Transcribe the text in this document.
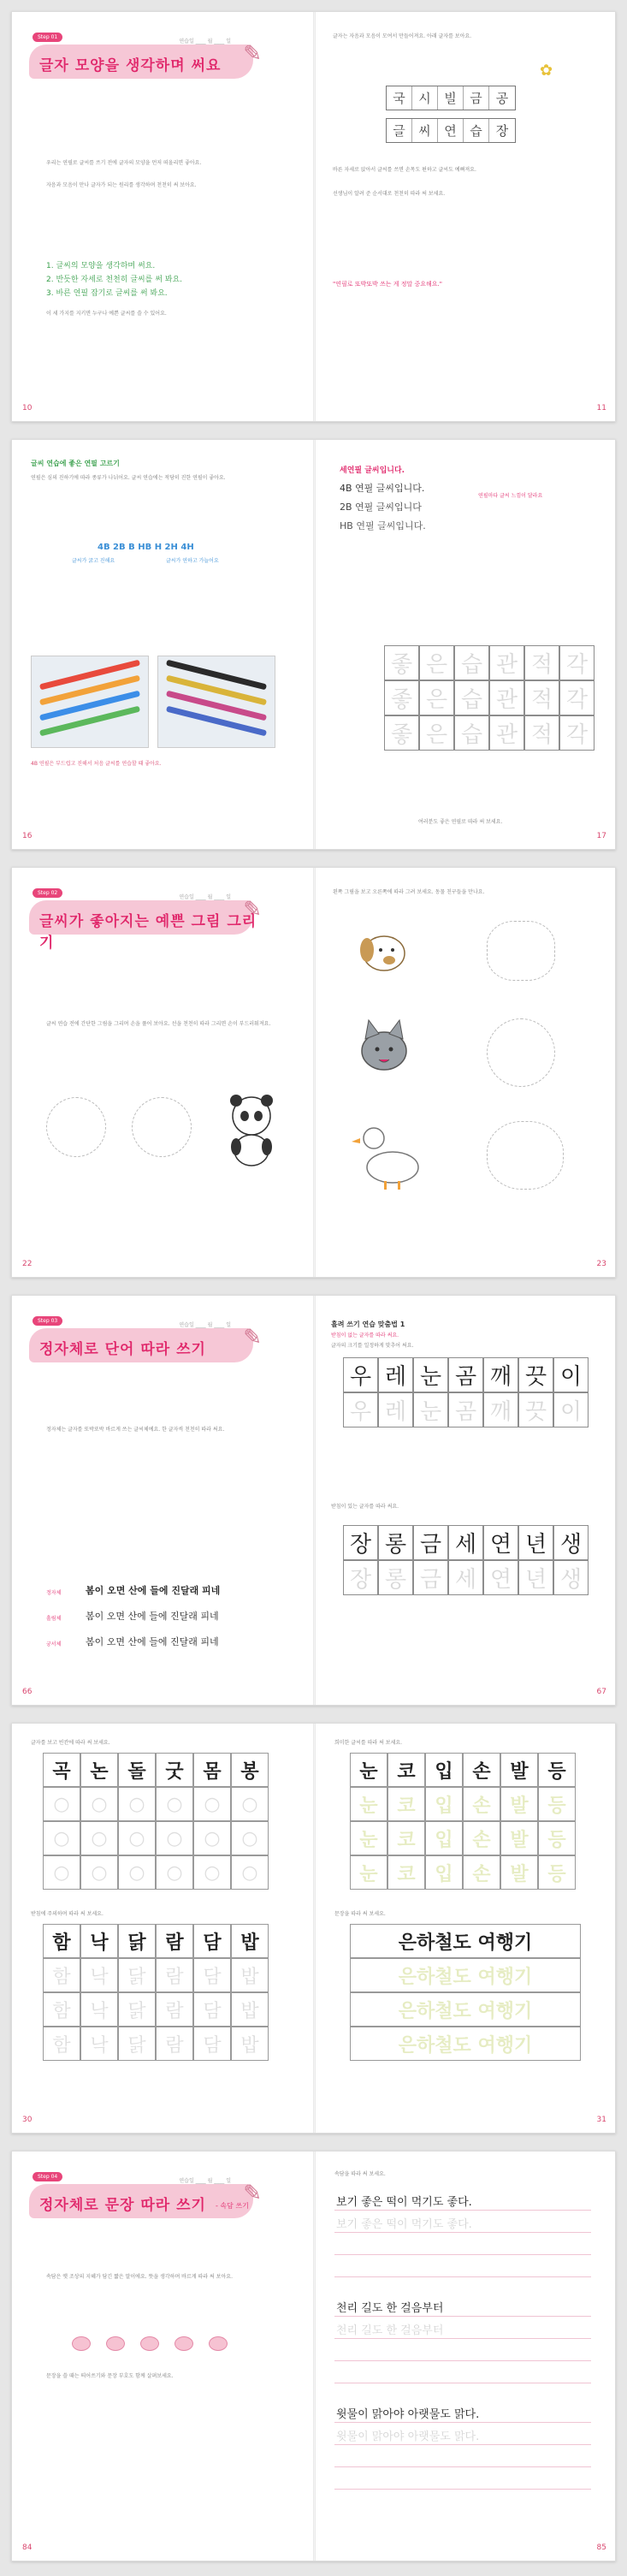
Step 01
연습일 ____ 월 ____ 일
글자 모양을 생각하며 써요 ✎
우리는 연필로 글씨를 쓰기 전에 글자의 모양을 먼저 떠올리면 좋아요.
자음과 모음이 만나 글자가 되는 원리를 생각하며 천천히 써 보아요.
1. 글씨의 모양을 생각하며 써요.
2. 반듯한 자세로 천천히 글씨를 써 봐요.
3. 바른 연필 잡기로 글씨를 써 봐요.
이 세 가지를 지키면 누구나 예쁜 글씨를 쓸 수 있어요.
10
글자는 자음과 모음이 모여서 만들어져요. 아래 글자를 보아요.
✿
국	시	빌	금	공
글	씨	연	습	장
바른 자세로 앉아서 글씨를 쓰면 손목도 편하고 글씨도 예뻐져요.
선생님이 알려 준 순서대로 천천히 따라 써 보세요.
"연필로 또박또박 쓰는 게 정말 중요해요."
11
글씨 연습에 좋은 연필 고르기
연필은 심의 진하기에 따라 종류가 나뉘어요. 글씨 연습에는 적당히 진한 연필이 좋아요.
4B 2B B HB H 2H 4H
글씨가 굵고 진해요	글씨가 연하고 가늘어요
4B 연필은 부드럽고 진해서 처음 글씨를 연습할 때 좋아요.
16
세연필 글씨입니다.
4B 연필 글씨입니다.
2B 연필 글씨입니다
HB 연필 글씨입니다.
연필마다 글씨 느낌이 달라요
좋 은 습 관 적 각
좋 은 습 관 적 각
좋 은 습 관 적 각
여러분도 좋은 연필로 따라 써 보세요.
17
Step 02
연습일 ____ 월 ____ 일
글씨가 좋아지는 예쁜 그림 그리기
✎
글씨 연습 전에 간단한 그림을 그리며 손을 풀어 보아요. 선을 천천히 따라 그리면 손이 부드러워져요.
22
왼쪽 그림을 보고 오른쪽에 따라 그려 보세요. 동물 친구들을 만나요.
23
Step 03
연습일 ____ 월 ____ 일
정자체로 단어 따라 쓰기 ✎
정자체는 글자를 또박또박 바르게 쓰는 글씨체예요. 한 글자씩 천천히 따라 써요.
정자체	봄이 오면 산에 들에 진달래 피네
흘림체	봄이 오면 산에 들에 진달래 피네
궁서체	봄이 오면 산에 들에 진달래 피네
66
흘려 쓰기 연습 맞춤법 1
받침이 없는 글자를 따라 써요.
글자의 크기를 일정하게 맞추어 써요.
우 레 눈 곰 깨 끗 이
우 레 눈 곰 깨 끗 이
받침이 있는 글자를 따라 써요.
장 롱 금 세 연 년 생
장 롱 금 세 연 년 생
67
글자를 보고 빈칸에 따라 써 보세요.
곡	논	돌	굿	몸	봉
○	○	○	○	○	○
○	○	○	○	○	○
○	○	○	○	○	○
받침에 주의하며 따라 써 보세요.
함	낙	닭	람	담	밥
함	낙	닭	람	담	밥
함	낙	닭	람	담	밥
함	낙	닭	람	담	밥
30
희미한 글씨를 따라 써 보세요.
눈	코	입	손	발	등
눈	코	입	손	발	등
눈	코	입	손	발	등
눈	코	입	손	발	등
문장을 따라 써 보세요.
은하철도 여행기
은하철도 여행기
은하철도 여행기
은하철도 여행기
31
Step 04
연습일 ____ 월 ____ 일
정자체로 문장 따라 쓰기 - 속담 쓰기
✎
속담은 옛 조상의 지혜가 담긴 짧은 말이에요. 뜻을 생각하며 바르게 따라 써 보아요.
문장을 쓸 때는 띄어쓰기와 문장 부호도 함께 살펴보세요.
84
속담을 따라 써 보세요.
보기 좋은 떡이 먹기도 좋다.
보기 좋은 떡이 먹기도 좋다.
천리 길도 한 걸음부터
천리 길도 한 걸음부터
윗물이 맑아야 아랫물도 맑다.
윗물이 맑아야 아랫물도 맑다.
85
